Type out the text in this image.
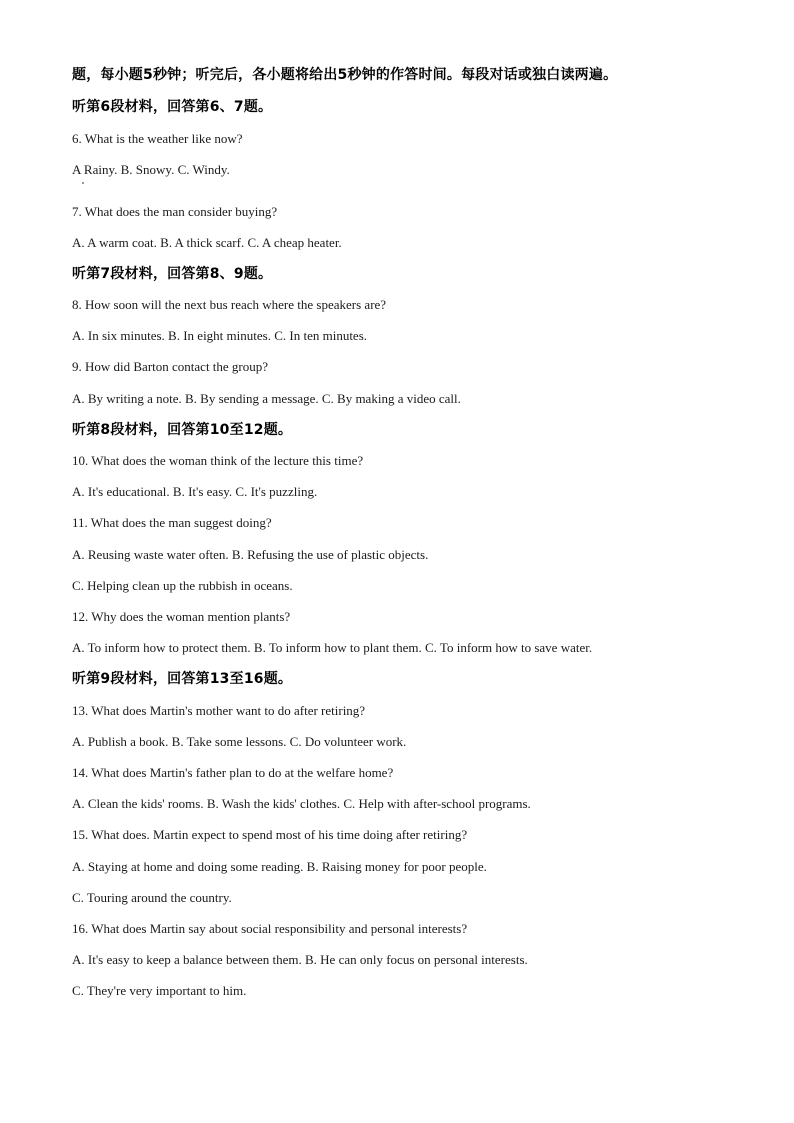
题，每小题5秒钟；听完后，各小题将给出5秒钟的作答时间。每段对话或独白读两遍。
听第6段材料，回答第6、7题。
6. What is the weather like now?
A Rainy. B. Snowy. C. Windy.
7. What does the man consider buying?
A. A warm coat. B. A thick scarf. C. A cheap heater.
听第7段材料，回答第8、9题。
8. How soon will the next bus reach where the speakers are?
A. In six minutes. B. In eight minutes. C. In ten minutes.
9. How did Barton contact the group?
A. By writing a note. B. By sending a message. C. By making a video call.
听第8段材料，回答第10至12题。
10. What does the woman think of the lecture this time?
A. It's educational. B. It's easy. C. It's puzzling.
11. What does the man suggest doing?
A. Reusing waste water often. B. Refusing the use of plastic objects.
C. Helping clean up the rubbish in oceans.
12. Why does the woman mention plants?
A. To inform how to protect them. B. To inform how to plant them. C. To inform how to save water.
听第9段材料，回答第13至16题。
13. What does Martin's mother want to do after retiring?
A. Publish a book. B. Take some lessons. C. Do volunteer work.
14. What does Martin's father plan to do at the welfare home?
A. Clean the kids' rooms. B. Wash the kids' clothes. C. Help with after-school programs.
15. What does. Martin expect to spend most of his time doing after retiring?
A. Staying at home and doing some reading. B. Raising money for poor people.
C. Touring around the country.
16. What does Martin say about social responsibility and personal interests?
A. It's easy to keep a balance between them. B. He can only focus on personal interests.
C. They're very important to him.
